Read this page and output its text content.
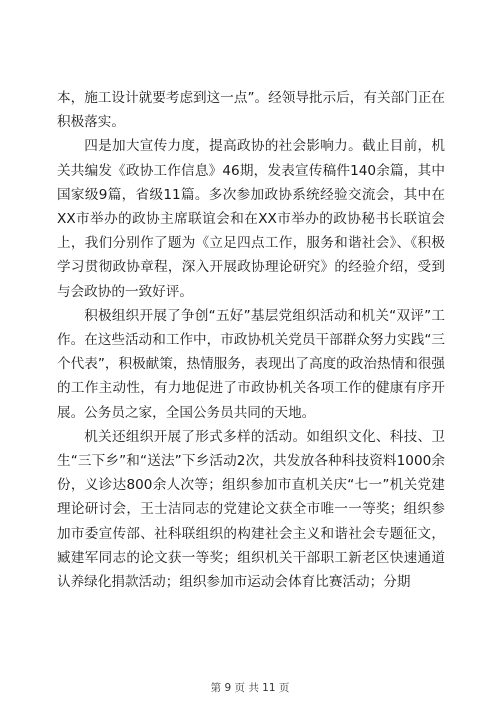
本，施工设计就要考虑到这一点”。经领导批示后，有关部门正在积极落实。

四是加大宣传力度，提高政协的社会影响力。截止目前，机关共编发《政协工作信息》46期，发表宣传稿件140余篇，其中国家级9篇，省级11篇。多次参加政协系统经验交流会，其中在XX市举办的政协主席联谊会和在XX市举办的政协秘书长联谊会上，我们分别作了题为《立足四点工作，服务和谐社会》、《积极学习贯彻政协章程，深入开展政协理论研究》的经验介绍，受到与会政协的一致好评。

积极组织开展了争创“五好”基层党组织活动和机关“双评”工作。在这些活动和工作中，市政协机关党员干部群众努力实践“三个代表”，积极献策，热情服务，表现出了高度的政治热情和很强的工作主动性，有力地促进了市政协机关各项工作的健康有序开展。公务员之家，全国公务员共同的天地。

机关还组织开展了形式多样的活动。如组织文化、科技、卫生“三下乡”和“送法”下乡活动2次，共发放各种科技资料1000余份，义诊达800余人次等；组织参加市直机关庆“七一”机关党建理论研讨会，王士洁同志的党建论文获全市唯一一等奖；组织参加市委宣传部、社科联组织的构建社会主义和谐社会专题征文，臧建军同志的论文获一等奖；组织机关干部职工新老区快速通道认养绿化捐款活动；组织参加市运动会体育比赛活动；分期

第 9 页 共 11 页
